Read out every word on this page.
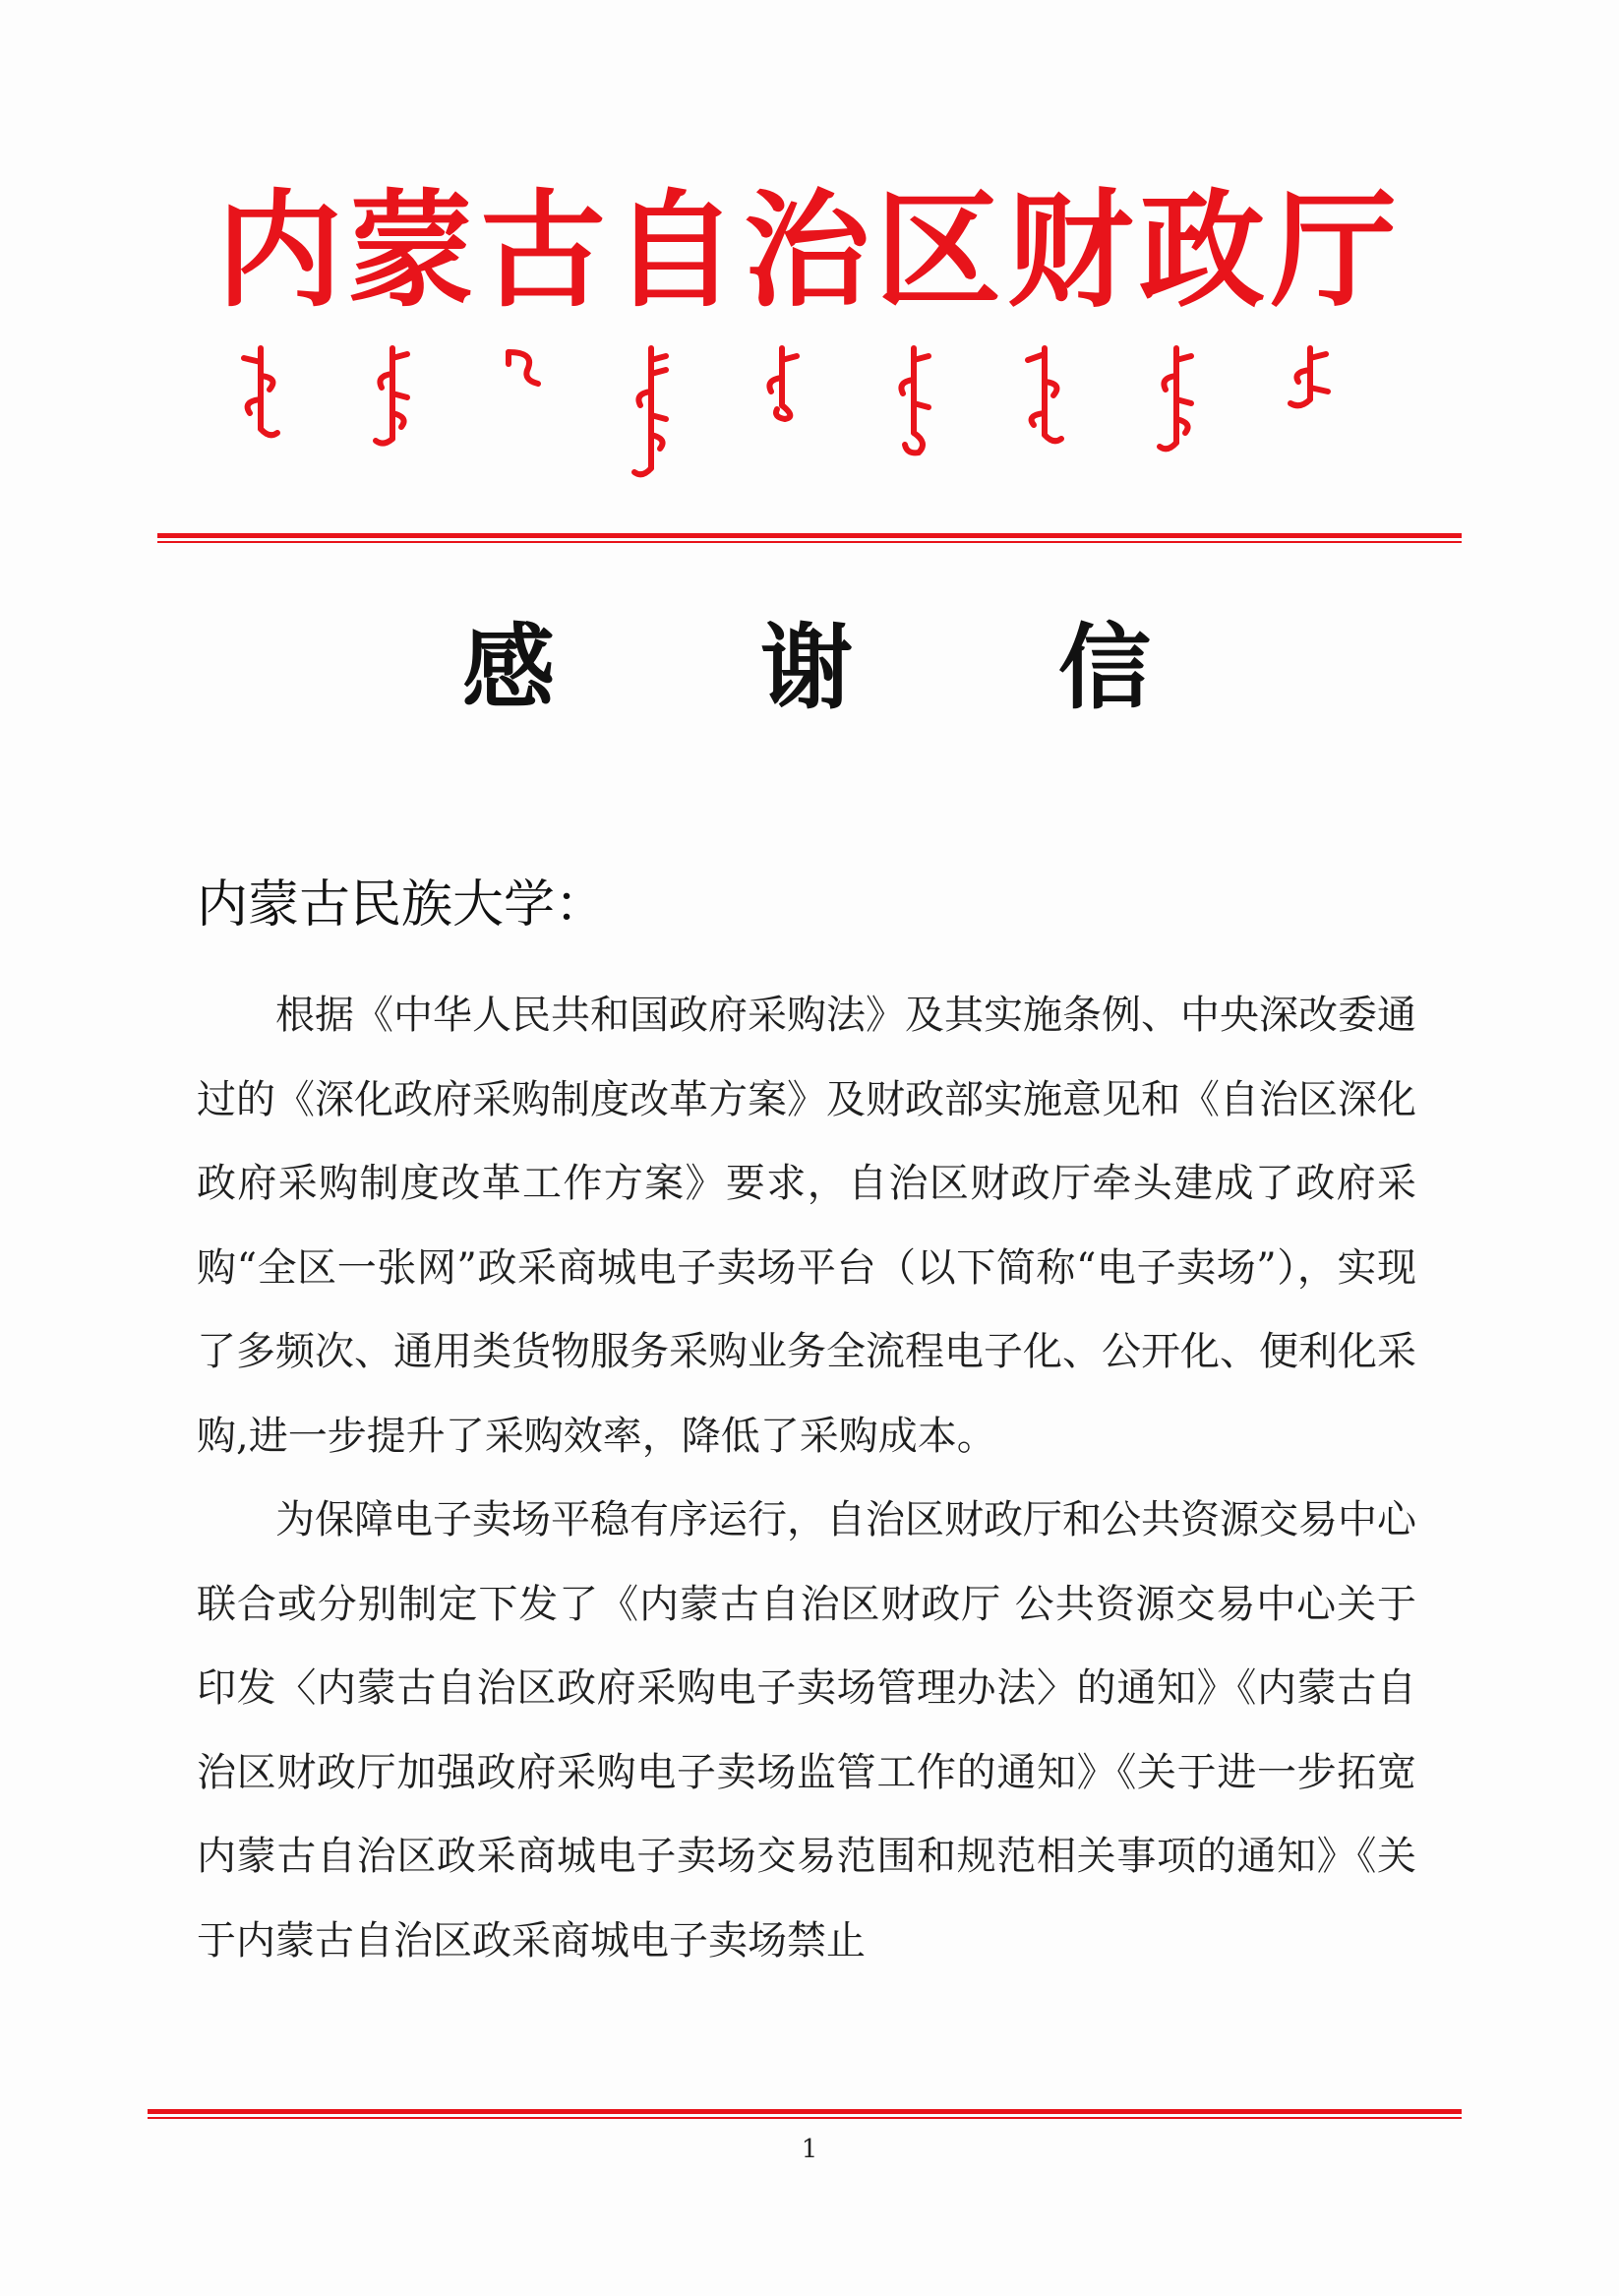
内蒙古自治区财政厅
感 谢 信
内蒙古民族大学：

根据《中华人民共和国政府采购法》及其实施条例、中央深改委通过的《深化政府采购制度改革方案》及财政部实施意见和《自治区深化政府采购制度改革工作方案》要求，自治区财政厅牵头建成了政府采购“全区一张网”政采商城电子卖场平台（以下简称“电子卖场”），实现了多频次、通用类货物服务采购业务全流程电子化、公开化、便利化采购,进一步提升了采购效率，降低了采购成本。

为保障电子卖场平稳有序运行，自治区财政厅和公共资源交易中心联合或分别制定下发了《内蒙古自治区财政厅 公共资源交易中心关于印发〈内蒙古自治区政府采购电子卖场管理办法〉的通知》《内蒙古自治区财政厅加强政府采购电子卖场监管工作的通知》《关于进一步拓宽内蒙古自治区政采商城电子卖场交易范围和规范相关事项的通知》《关于内蒙古自治区政采商城电子卖场禁止

1
